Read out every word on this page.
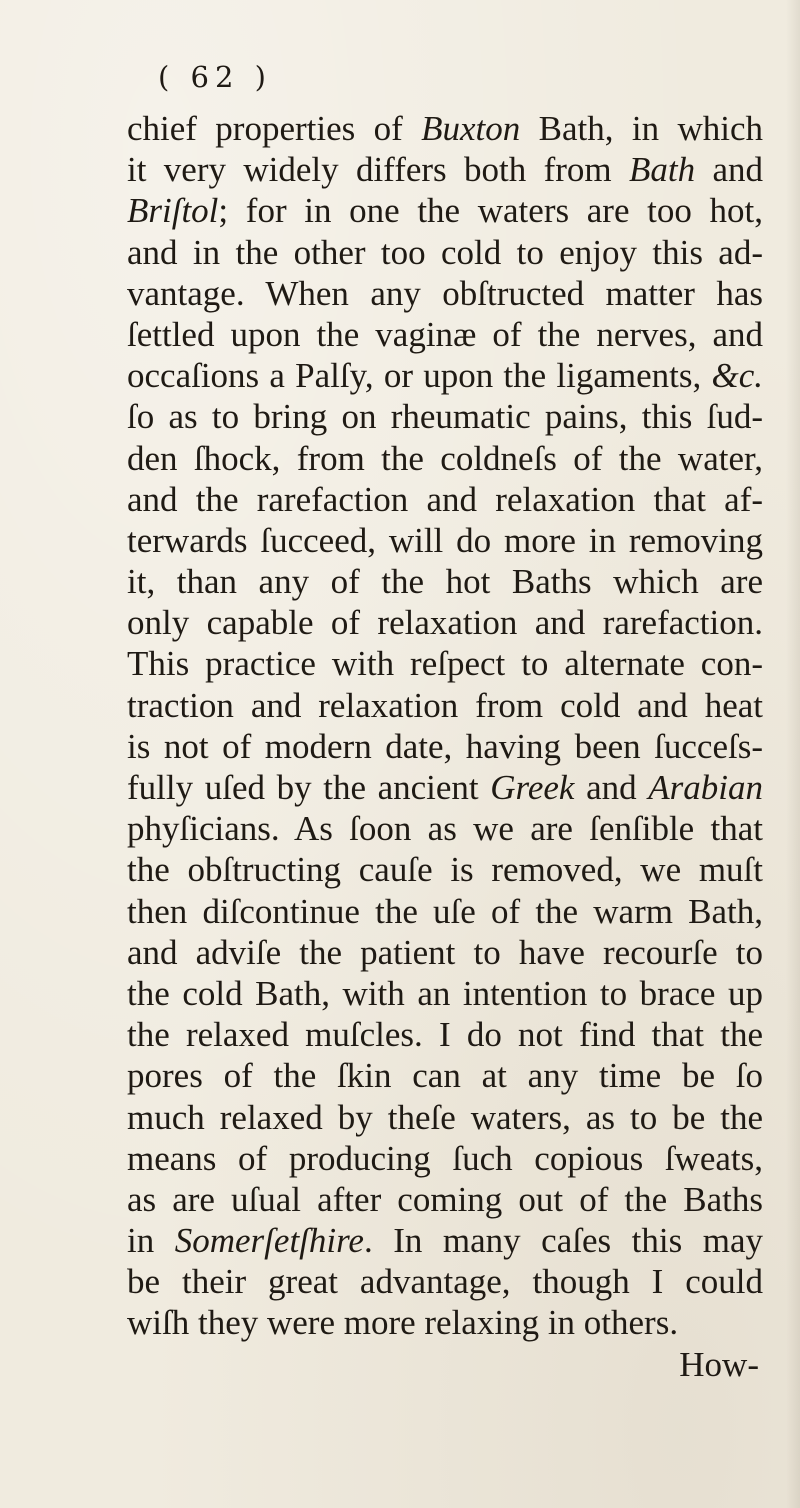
( 62 )
chief properties of Buxton Bath, in which
it very widely differs both from Bath and
Briſtol; for in one the waters are too hot,
and in the other too cold to enjoy this ad-
vantage. When any obſtructed matter has
ſettled upon the vaginæ of the nerves, and
occaſions a Palſy, or upon the ligaments, &c.
ſo as to bring on rheumatic pains, this ſud-
den ſhock, from the coldneſs of the water,
and the rarefaction and relaxation that af-
terwards ſucceed, will do more in removing
it, than any of the hot Baths which are
only capable of relaxation and rarefaction.
This practice with reſpect to alternate con-
traction and relaxation from cold and heat
is not of modern date, having been ſucceſs-
fully uſed by the ancient Greek and Arabian
phyſicians. As ſoon as we are ſenſible that
the obſtructing cauſe is removed, we muſt
then diſcontinue the uſe of the warm Bath,
and adviſe the patient to have recourſe to
the cold Bath, with an intention to brace up
the relaxed muſcles. I do not find that the
pores of the ſkin can at any time be ſo
much relaxed by theſe waters, as to be the
means of producing ſuch copious ſweats,
as are uſual after coming out of the Baths
in Somerſetſhire. In many caſes this may
be their great advantage, though I could
wiſh they were more relaxing in others.
How-
